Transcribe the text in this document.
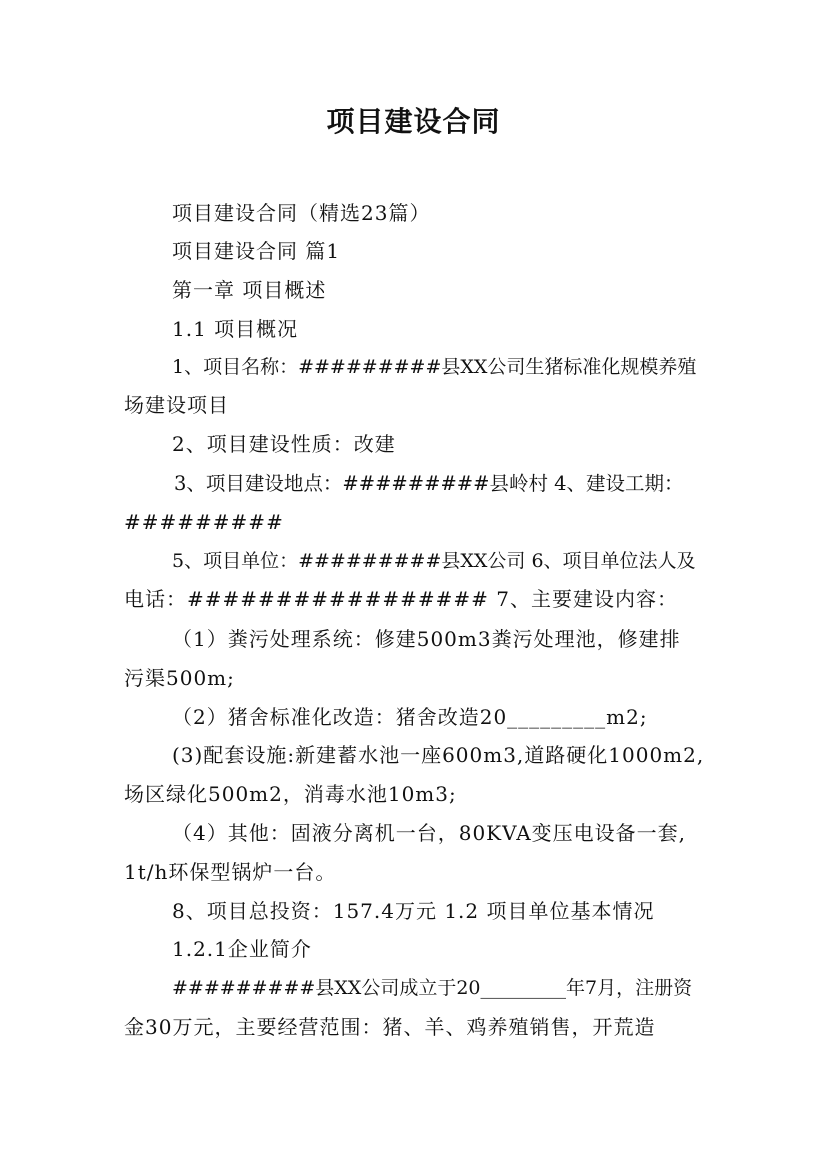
项目建设合同
项目建设合同（精选23篇）
项目建设合同 篇1
第一章 项目概述
1.1 项目概况
1、项目名称：#########县XX公司生猪标准化规模养殖
场建设项目
2、项目建设性质：改建
3、项目建设地点：#########县岭村 4、建设工期：
#########
5、项目单位：#########县XX公司 6、项目单位法人及
电话：################# 7、主要建设内容：
（1）粪污处理系统：修建500m3粪污处理池，修建排
污渠500m;
（2）猪舍标准化改造：猪舍改造20_________m2;
(3)配套设施:新建蓄水池一座600m3,道路硬化1000m2,
场区绿化500m2，消毒水池10m3;
（4）其他：固液分离机一台，80KVA变压电设备一套,
1t/h环保型锅炉一台。
8、项目总投资：157.4万元 1.2 项目单位基本情况
1.2.1企业简介
#########县XX公司成立于20_________年7月，注册资
金30万元，主要经营范围：猪、羊、鸡养殖销售，开荒造
